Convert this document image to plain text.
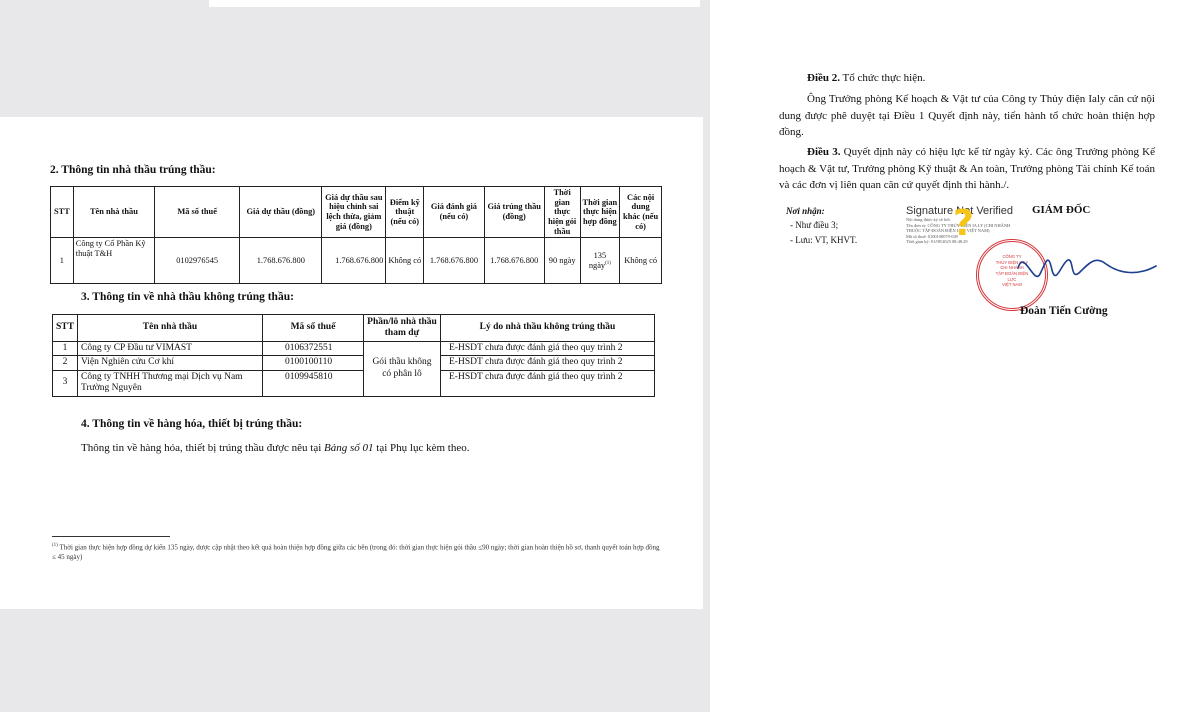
2. Thông tin nhà thầu trúng thầu:
STT	Tên nhà thầu	Mã số thuế	Giá dự thầu (đồng)	Giá dự thầu sau hiệu chỉnh sai lệch thừa, giảm giá (đồng)	Điểm kỹ thuật (nếu có)	Giá đánh giá (nếu có)	Giá trúng thầu (đồng)	Thời gian thực hiện gói thầu	Thời gian thực hiện hợp đồng	Các nội dung khác (nếu có)
1	Công ty Cổ Phần Kỹ thuật T&H	0102976545	1.768.676.800	1.768.676.800	Không có	1.768.676.800	1.768.676.800	90 ngày	135 ngày$^{(1)}$	Không có
3. Thông tin về nhà thầu không trúng thầu:
STT	Tên nhà thầu	Mã số thuế	Phần/lô nhà thầu tham dự	Lý do nhà thầu không trúng thầu
1	Công ty CP Đầu tư VIMAST	0106372551	Gói thầu không có phân lô	E-HSDT chưa được đánh giá theo quy trình 2
2	Viện Nghiên cứu Cơ khí	0100100110		E-HSDT chưa được đánh giá theo quy trình 2
3	Công ty TNHH Thương mại Dịch vụ Nam Trường Nguyên	0109945810		E-HSDT chưa được đánh giá theo quy trình 2
4. Thông tin về hàng hóa, thiết bị trúng thầu:
Thông tin về hàng hóa, thiết bị trúng thầu được nêu tại Bảng số 01 tại Phụ lục kèm theo.
$^{(1)}$ Thời gian thực hiện hợp đồng dự kiến 135 ngày, được cập nhật theo kết quả hoàn thiện hợp đồng giữa các bên (trong đó: thời gian thực hiện gói thầu ≤90 ngày; thời gian hoàn thiện hồ sơ, thanh quyết toán hợp đồng ≤ 45 ngày)
Điều 2. Tổ chức thực hiện.
Ông Trưởng phòng Kế hoạch & Vật tư của Công ty Thủy điện Ialy căn cứ nội dung được phê duyệt tại Điều 1 Quyết định này, tiến hành tổ chức hoàn thiện hợp đồng.
Điều 3. Quyết định này có hiệu lực kể từ ngày ký. Các ông Trưởng phòng Kế hoạch & Vật tư, Trưởng phòng Kỹ thuật & An toàn, Trưởng phòng Tài chính Kế toán và các đơn vị liên quan căn cứ quyết định thi hành./.
Nơi nhận:
- Như điều 3;
- Lưu: VT, KHVT.
Signature Not Verified
Nội dung được ký số bởi
Tên đơn vị: CÔNG TY THỦY ĐIỆN IA LY (CHI NHÁNH THUỘC TẬP ĐOÀN ĐIỆN LỰC VIỆT NAM)
Mã số thuế: 0100100079-049
Thời gian ký: 01/08/2025 08:48:29
?	GIÁM ĐỐC
CÔNG TY
THỦY ĐIỆN IALY
CHI NHÁNH
TẬP ĐOÀN ĐIỆN LỰC
VIỆT NAM
Đoàn Tiến Cường
